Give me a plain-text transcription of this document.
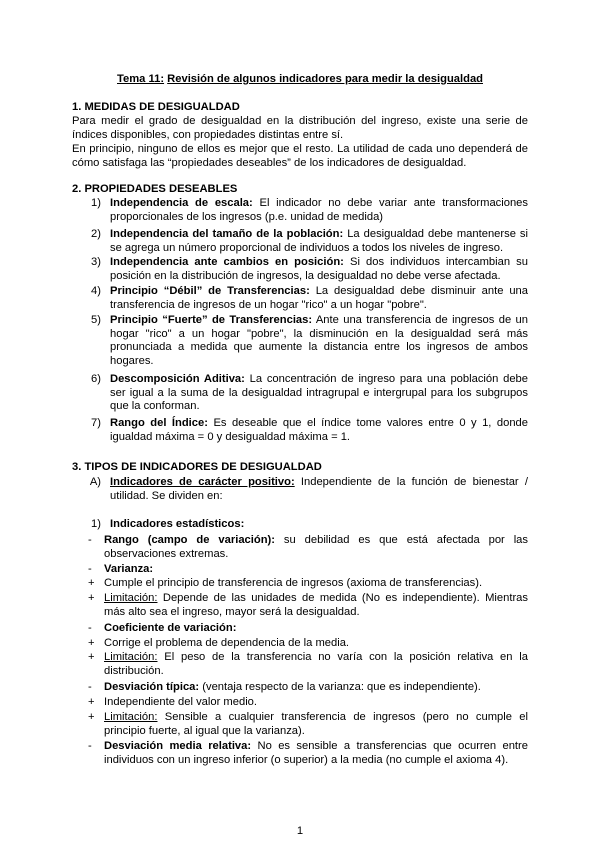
Tema 11: Revisión de algunos indicadores para medir la desigualdad
1. MEDIDAS DE DESIGUALDAD
Para medir el grado de desigualdad en la distribución del ingreso, existe una serie de índices disponibles, con propiedades distintas entre sí.
En principio, ninguno de ellos es mejor que el resto. La utilidad de cada uno dependerá de cómo satisfaga las “propiedades deseables” de los indicadores de desigualdad.
2. PROPIEDADES DESEABLES
1) Independencia de escala: El indicador no debe variar ante transformaciones proporcionales de los ingresos (p.e. unidad de medida)
2) Independencia del tamaño de la población: La desigualdad debe mantenerse si se agrega un número proporcional de individuos a todos los niveles de ingreso.
3) Independencia ante cambios en posición: Si dos individuos intercambian su posición en la distribución de ingresos, la desigualdad no debe verse afectada.
4) Principio “Débil” de Transferencias: La desigualdad debe disminuir ante una transferencia de ingresos de un hogar "rico" a un hogar "pobre".
5) Principio “Fuerte” de Transferencias: Ante una transferencia de ingresos de un hogar "rico" a un hogar "pobre", la disminución en la desigualdad será más pronunciada a medida que aumente la distancia entre los ingresos de ambos hogares.
6) Descomposición Aditiva: La concentración de ingreso para una población debe ser igual a la suma de la desigualdad intragrupal e intergrupal para los subgrupos que la conforman.
7) Rango del Índice: Es deseable que el índice tome valores entre 0 y 1, donde igualdad máxima = 0 y desigualdad máxima = 1.
3. TIPOS DE INDICADORES DE DESIGUALDAD
A) Indicadores de carácter positivo: Independiente de la función de bienestar / utilidad. Se dividen en:
1) Indicadores estadísticos:
-	Rango (campo de variación): su debilidad es que está afectada por las observaciones extremas.
-	Varianza:
+ Cumple el principio de transferencia de ingresos (axioma de transferencias).
+ Limitación: Depende de las unidades de medida (No es independiente). Mientras más alto sea el ingreso, mayor será la desigualdad.
-	Coeficiente de variación:
+ Corrige el problema de dependencia de la media.
+ Limitación: El peso de la transferencia no varía con la posición relativa en la distribución.
-	Desviación típica: (ventaja respecto de la varianza: que es independiente).
+ Independiente del valor medio.
+ Limitación: Sensible a cualquier transferencia de ingresos (pero no cumple el principio fuerte, al igual que la varianza).
-	Desviación media relativa: No es sensible a transferencias que ocurren entre individuos con un ingreso inferior (o superior) a la media (no cumple el axioma 4).
1
